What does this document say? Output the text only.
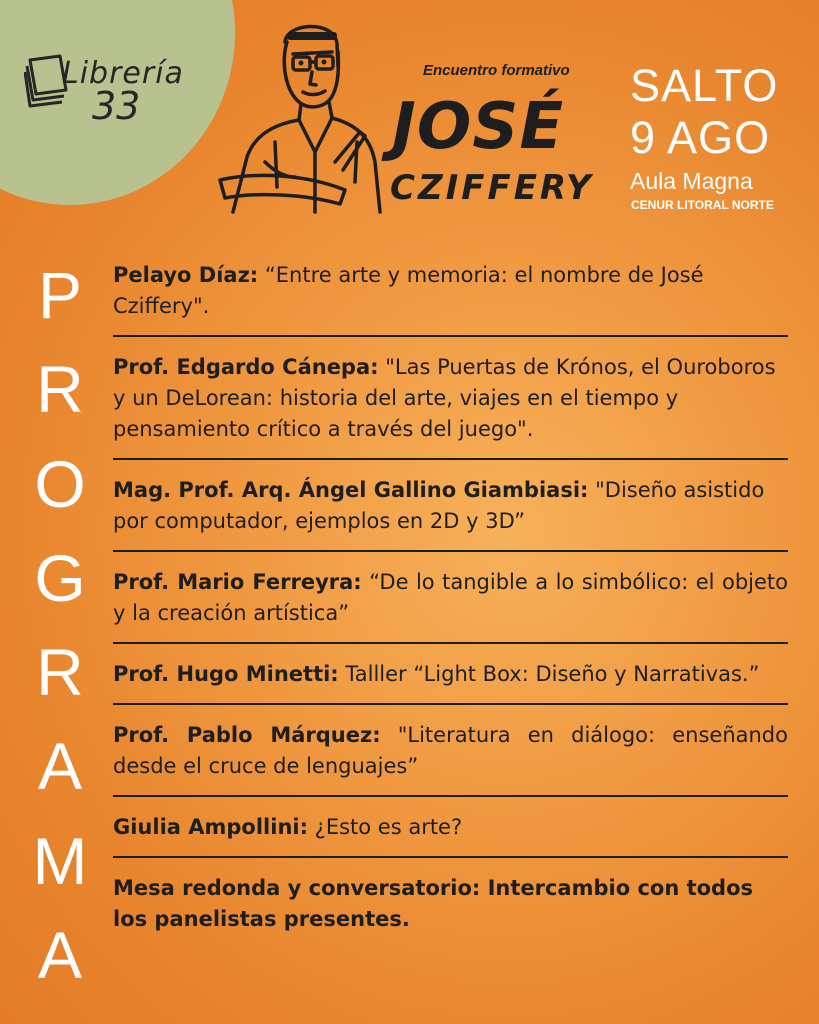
Librería
33
Encuentro formativo
JOSÉ
CZIFFERY
SALTO
9 AGO
Aula Magna
CENUR LITORAL NORTE
P
R
O
G
R
A
M
A
Pelayo Díaz: “Entre arte y memoria: el nombre de José Cziffery".
Prof. Edgardo Cánepa: "Las Puertas de Krónos, el Ouroboros y un DeLorean: historia del arte, viajes en el tiempo y pensamiento crítico a través del juego".
Mag. Prof. Arq. Ángel Gallino Giambiasi: "Diseño asistido por computador, ejemplos en 2D y 3D”
Prof. Mario Ferreyra: “De lo tangible a lo simbólico: el objeto y la creación artística”
Prof. Hugo Minetti: Talller “Light Box: Diseño y Narrativas.”
Prof. Pablo Márquez: "Literatura en diálogo: enseñando desde el cruce de lenguajes”
Giulia Ampollini: ¿Esto es arte?
Mesa redonda y conversatorio: Intercambio con todos los panelistas presentes.
